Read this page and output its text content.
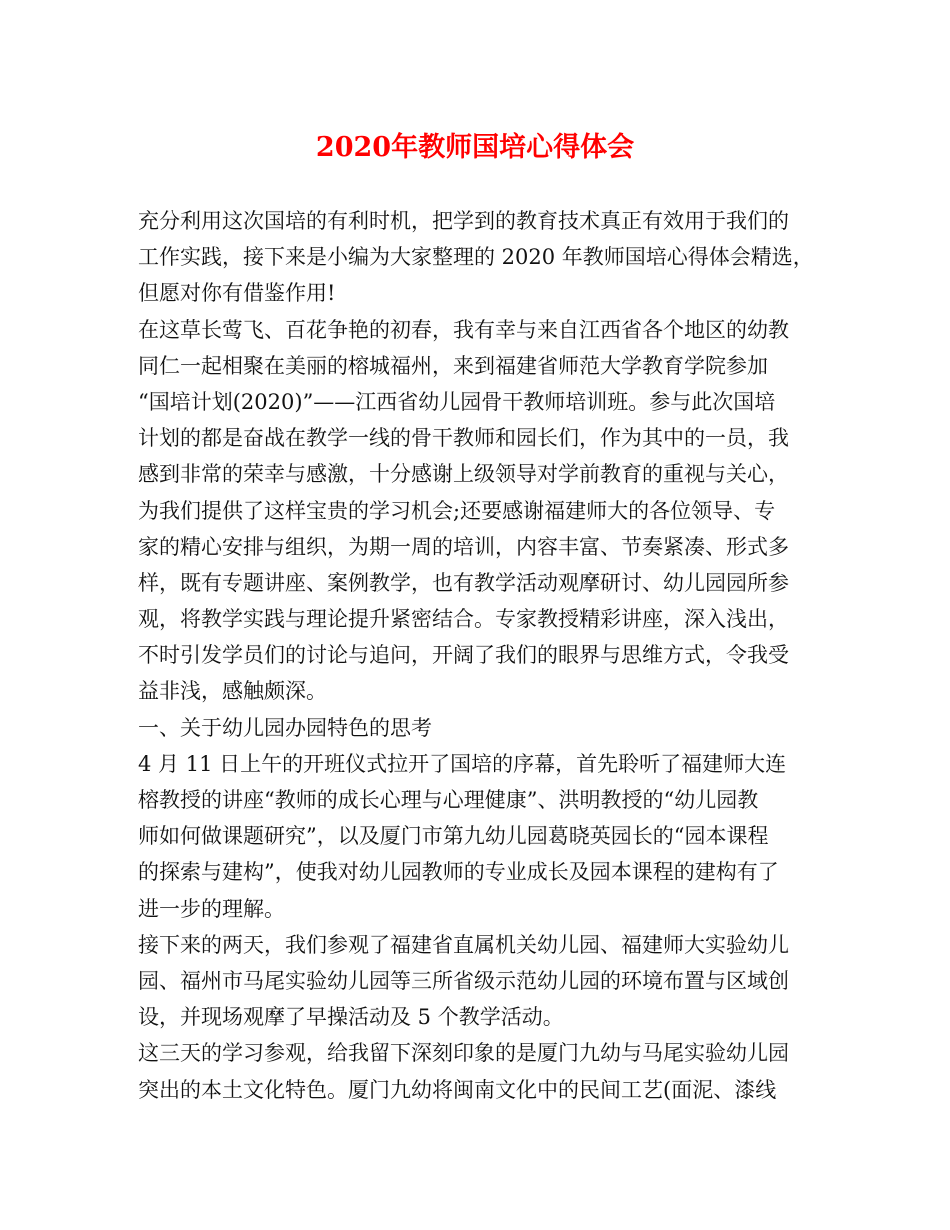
2020年教师国培心得体会
充分利用这次国培的有利时机，把学到的教育技术真正有效用于我们的
工作实践，接下来是小编为大家整理的 2020 年教师国培心得体会精选，
但愿对你有借鉴作用!
在这草长莺飞、百花争艳的初春，我有幸与来自江西省各个地区的幼教
同仁一起相聚在美丽的榕城福州，来到福建省师范大学教育学院参加
“国培计划(2020)”——江西省幼儿园骨干教师培训班。参与此次国培
计划的都是奋战在教学一线的骨干教师和园长们，作为其中的一员，我
感到非常的荣幸与感激，十分感谢上级领导对学前教育的重视与关心，
为我们提供了这样宝贵的学习机会;还要感谢福建师大的各位领导、专
家的精心安排与组织，为期一周的培训，内容丰富、节奏紧凑、形式多
样，既有专题讲座、案例教学，也有教学活动观摩研讨、幼儿园园所参
观，将教学实践与理论提升紧密结合。专家教授精彩讲座，深入浅出，
不时引发学员们的讨论与追问，开阔了我们的眼界与思维方式，令我受
益非浅，感触颇深。
一、关于幼儿园办园特色的思考
4 月 11 日上午的开班仪式拉开了国培的序幕，首先聆听了福建师大连
榕教授的讲座“教师的成长心理与心理健康”、洪明教授的“幼儿园教
师如何做课题研究”，以及厦门市第九幼儿园葛晓英园长的“园本课程
的探索与建构”，使我对幼儿园教师的专业成长及园本课程的建构有了
进一步的理解。
接下来的两天，我们参观了福建省直属机关幼儿园、福建师大实验幼儿
园、福州市马尾实验幼儿园等三所省级示范幼儿园的环境布置与区域创
设，并现场观摩了早操活动及 5 个教学活动。
这三天的学习参观，给我留下深刻印象的是厦门九幼与马尾实验幼儿园
突出的本土文化特色。厦门九幼将闽南文化中的民间工艺(面泥、漆线
